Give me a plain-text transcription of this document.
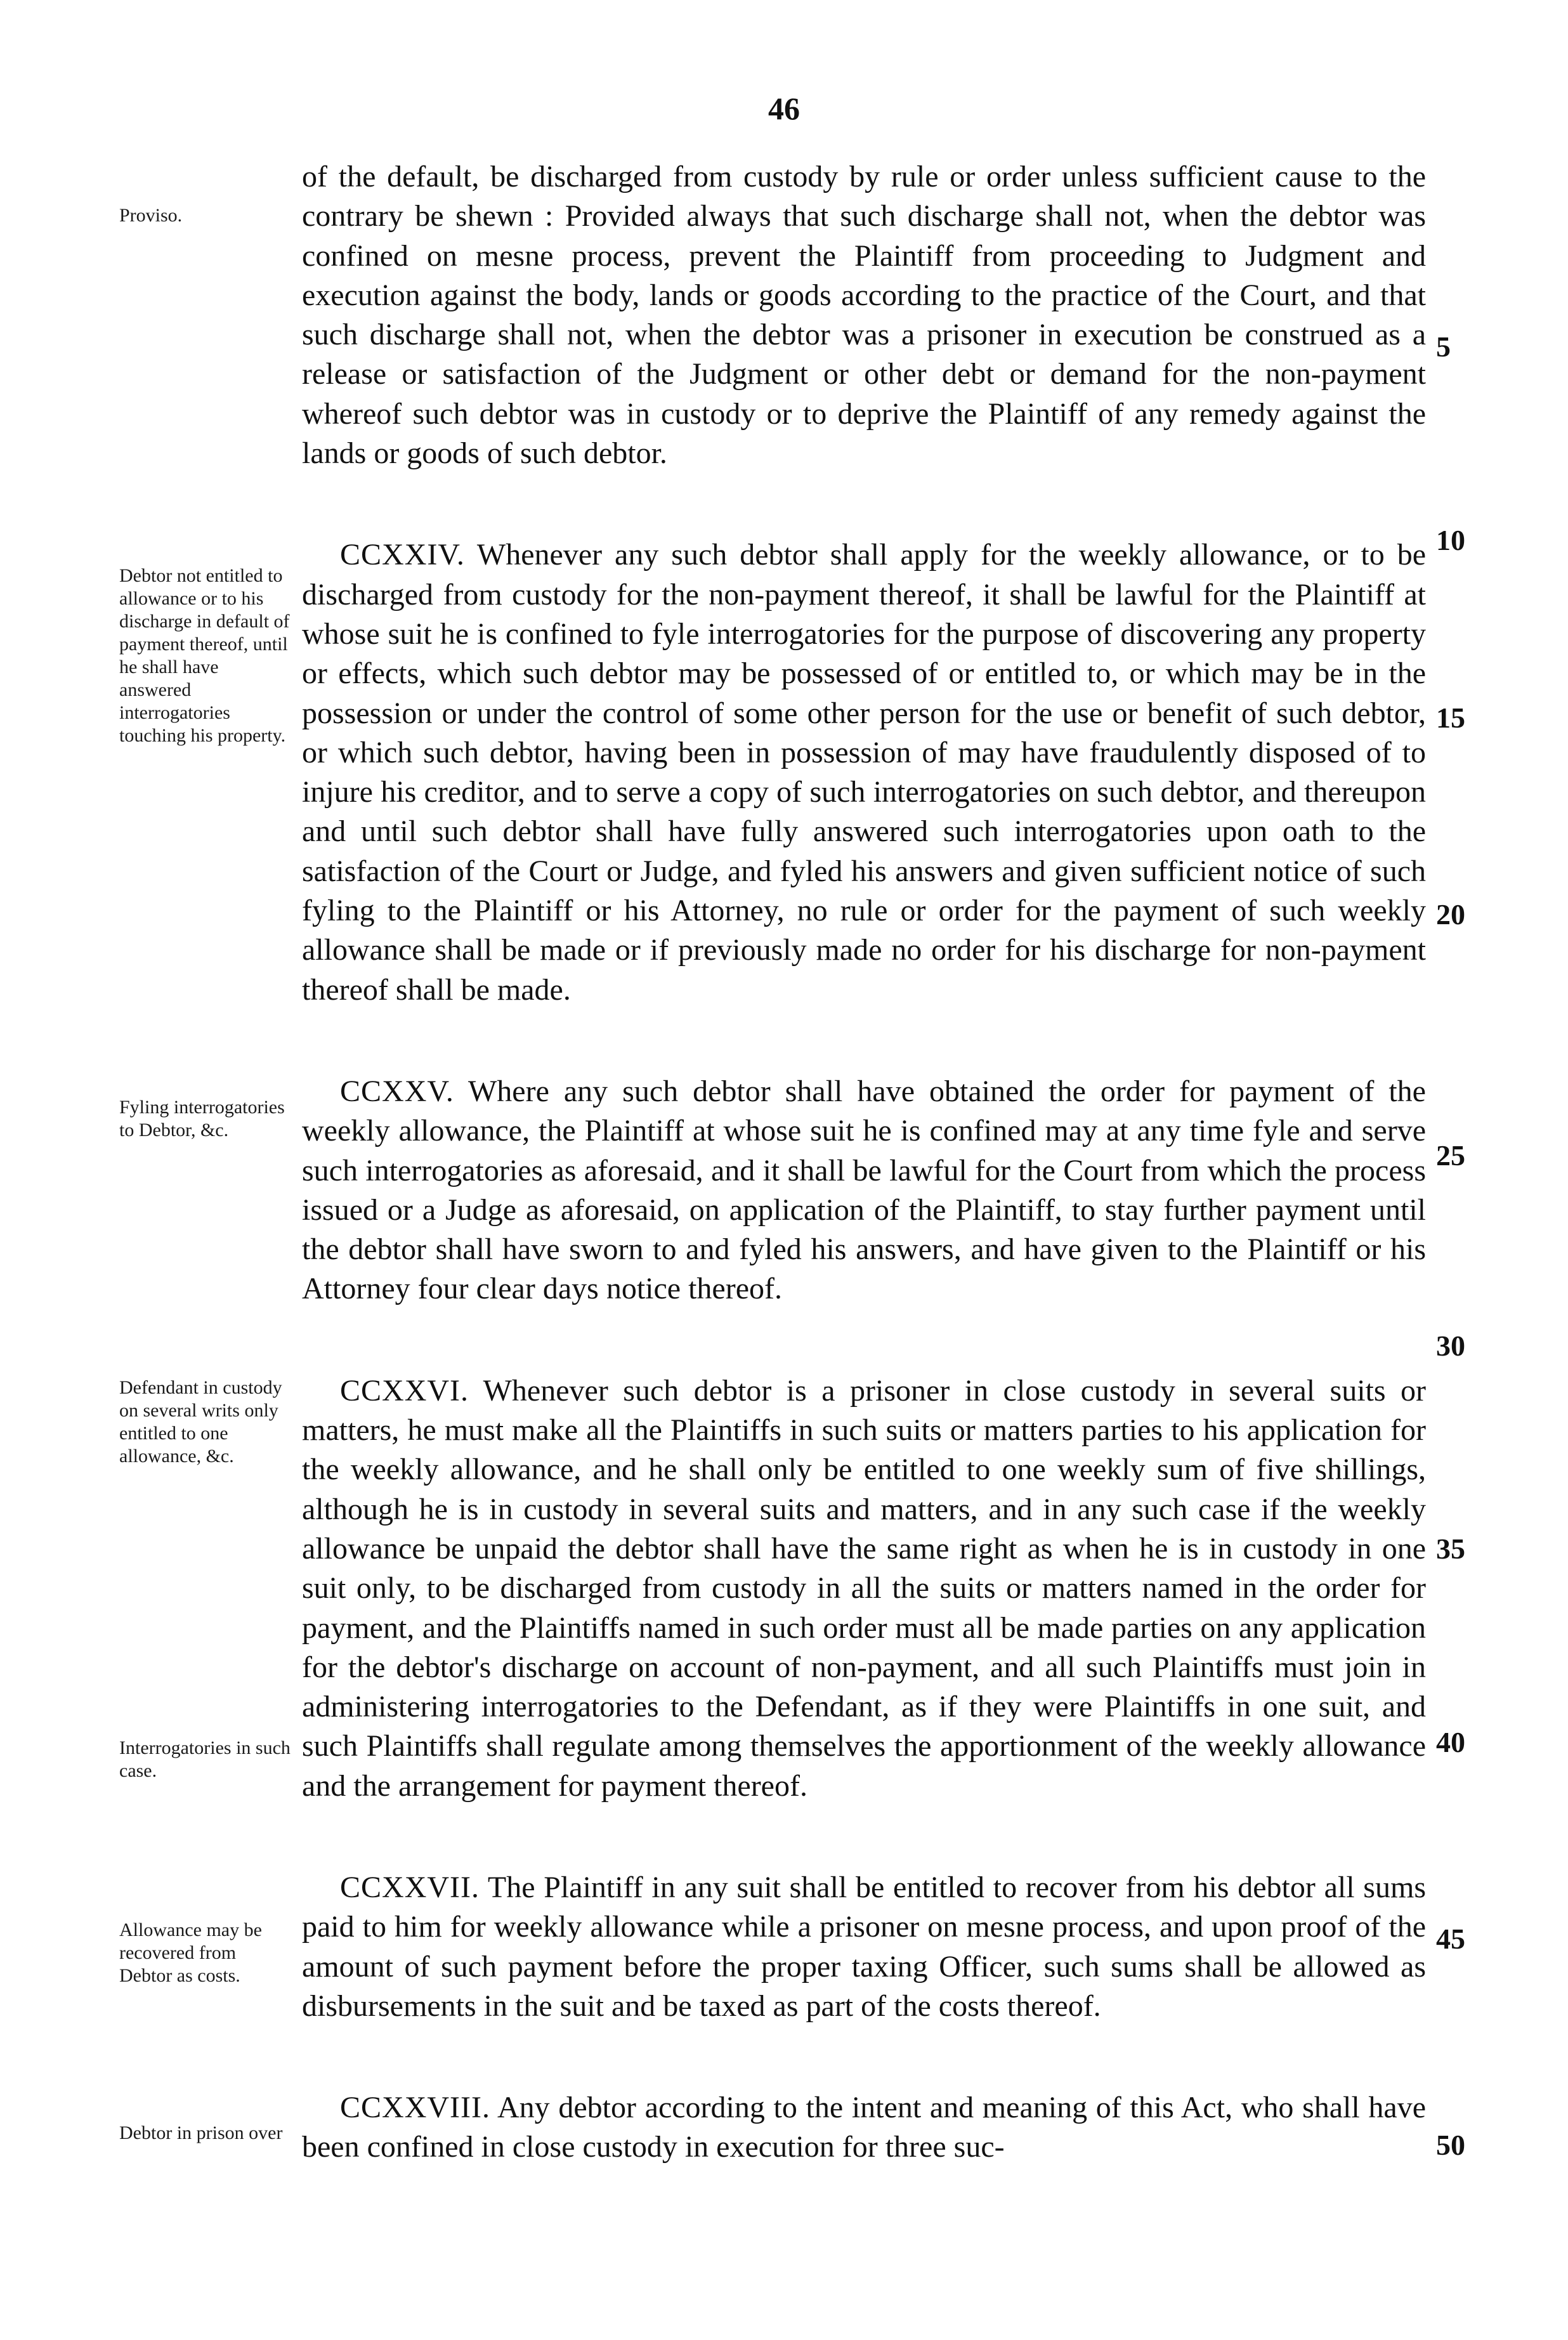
46

of the default, be discharged from custody by rule or order unless sufficient cause to the contrary be shewn : Provided always that such discharge shall not, when the debtor was confined on mesne process, prevent the Plaintiff from proceeding to Judgment and execution against the body, lands or goods according to the practice of the Court, and that such discharge shall not, when the debtor was a prisoner in execution be construed as a release or satisfaction of the Judgment or other debt or demand for the non-payment whereof such debtor was in custody or to deprive the Plaintiff of any remedy against the lands or goods of such debtor.

CCXXIV. Whenever any such debtor shall apply for the weekly allowance, or to be discharged from custody for the non-payment thereof, it shall be lawful for the Plaintiff at whose suit he is confined to fyle interrogatories for the purpose of discovering any property or effects, which such debtor may be possessed of or entitled to, or which may be in the possession or under the control of some other person for the use or benefit of such debtor, or which such debtor, having been in possession of may have fraudulently disposed of to injure his creditor, and to serve a copy of such interrogatories on such debtor, and thereupon and until such debtor shall have fully answered such interrogatories upon oath to the satisfaction of the Court or Judge, and fyled his answers and given sufficient notice of such fyling to the Plaintiff or his Attorney, no rule or order for the payment of such weekly allowance shall be made or if previously made no order for his discharge for non-payment thereof shall be made.

CCXXV. Where any such debtor shall have obtained the order for payment of the weekly allowance, the Plaintiff at whose suit he is confined may at any time fyle and serve such interrogatories as aforesaid, and it shall be lawful for the Court from which the process issued or a Judge as aforesaid, on application of the Plaintiff, to stay further payment until the debtor shall have sworn to and fyled his answers, and have given to the Plaintiff or his Attorney four clear days notice thereof.

CCXXVI. Whenever such debtor is a prisoner in close custody in several suits or matters, he must make all the Plaintiffs in such suits or matters parties to his application for the weekly allowance, and he shall only be entitled to one weekly sum of five shillings, although he is in custody in several suits and matters, and in any such case if the weekly allowance be unpaid the debtor shall have the same right as when he is in custody in one suit only, to be discharged from custody in all the suits or matters named in the order for payment, and the Plaintiffs named in such order must all be made parties on any application for the debtor's discharge on account of non-payment, and all such Plaintiffs must join in administering interrogatories to the Defendant, as if they were Plaintiffs in one suit, and such Plaintiffs shall regulate among themselves the apportionment of the weekly allowance and the arrangement for payment thereof.

CCXXVII. The Plaintiff in any suit shall be entitled to recover from his debtor all sums paid to him for weekly allowance while a prisoner on mesne process, and upon proof of the amount of such payment before the proper taxing Officer, such sums shall be allowed as disbursements in the suit and be taxed as part of the costs thereof.

CCXXVIII. Any debtor according to the intent and meaning of this Act, who shall have been confined in close custody in execution for three suc-

Proviso.
Debtor not entitled to allowance or to his discharge in default of payment thereof, until he shall have answered interrogatories touching his property.
Fyling interrogatories to Debtor, &c.
Defendant in custody on several writs only entitled to one allowance, &c.
Interrogatories in such case.
Allowance may be recovered from Debtor as costs.
Debtor in prison over
5
10
15
20
25
30
35
40
45
50
